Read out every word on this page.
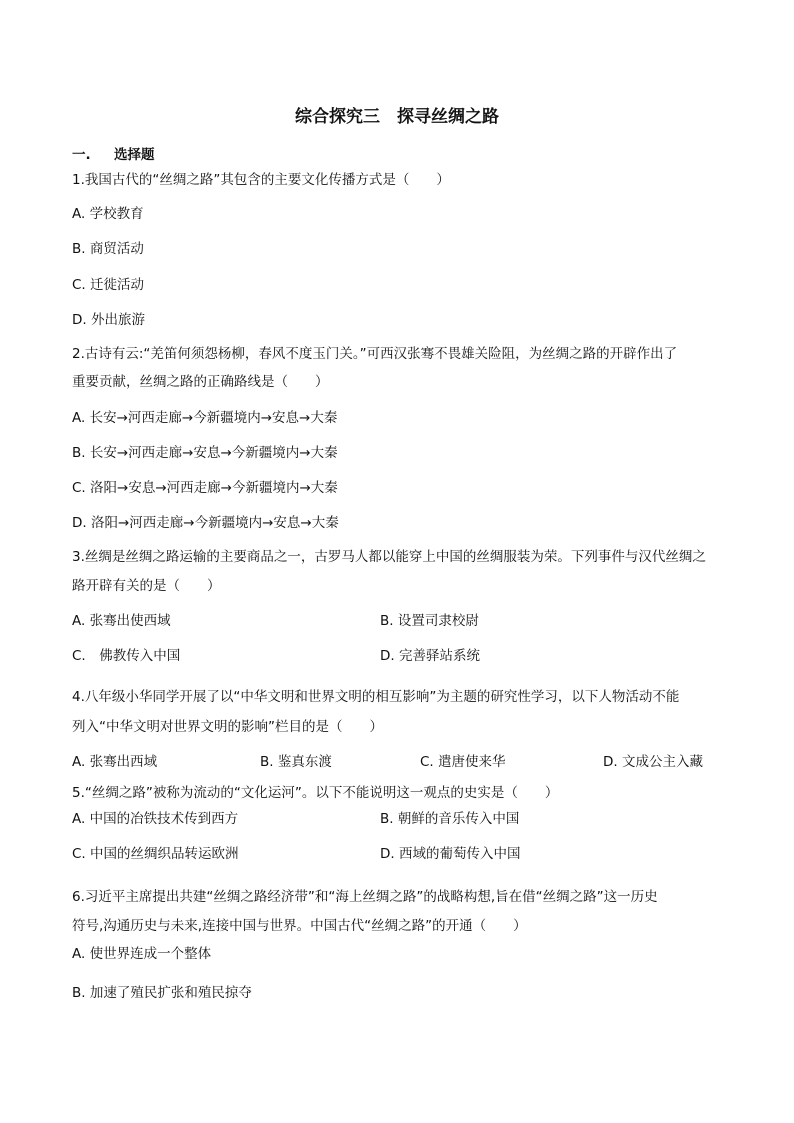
综合探究三　探寻丝绸之路
一. 选择题
1.我国古代的“丝绸之路”其包含的主要文化传播方式是（　　）
A. 学校教育
B. 商贸活动
C. 迁徙活动
D. 外出旅游
2.古诗有云:“羌笛何须怨杨柳，春风不度玉门关。”可西汉张骞不畏雄关险阻，为丝绸之路的开辟作出了
重要贡献，丝绸之路的正确路线是（　　）
A. 长安→河西走廊→今新疆境内→安息→大秦
B. 长安→河西走廊→安息→今新疆境内→大秦
C. 洛阳→安息→河西走廊→今新疆境内→大秦
D. 洛阳→河西走廊→今新疆境内→安息→大秦
3.丝绸是丝绸之路运输的主要商品之一，古罗马人都以能穿上中国的丝绸服装为荣。下列事件与汉代丝绸之
路开辟有关的是（　　）
A. 张骞出使西域	B. 设置司隶校尉
C.　佛教传入中国	D. 完善驿站系统
4.八年级小华同学开展了以“中华文明和世界文明的相互影响”为主题的研究性学习，以下人物活动不能
列入“中华文明对世界文明的影响”栏目的是（　　）
A. 张骞出西域	B. 鉴真东渡	C. 遣唐使来华	D. 文成公主入藏
5.“丝绸之路”被称为流动的“文化运河”。以下不能说明这一观点的史实是（　　）
A. 中国的冶铁技术传到西方	B. 朝鲜的音乐传入中国
C. 中国的丝绸织品转运欧洲	D. 西域的葡萄传入中国
6.习近平主席提出共建“丝绸之路经济带”和“海上丝绸之路”的战略构想,旨在借“丝绸之路”这一历史
符号,沟通历史与未来,连接中国与世界。中国古代“丝绸之路”的开通（　　）
A. 使世界连成一个整体
B. 加速了殖民扩张和殖民掠夺
